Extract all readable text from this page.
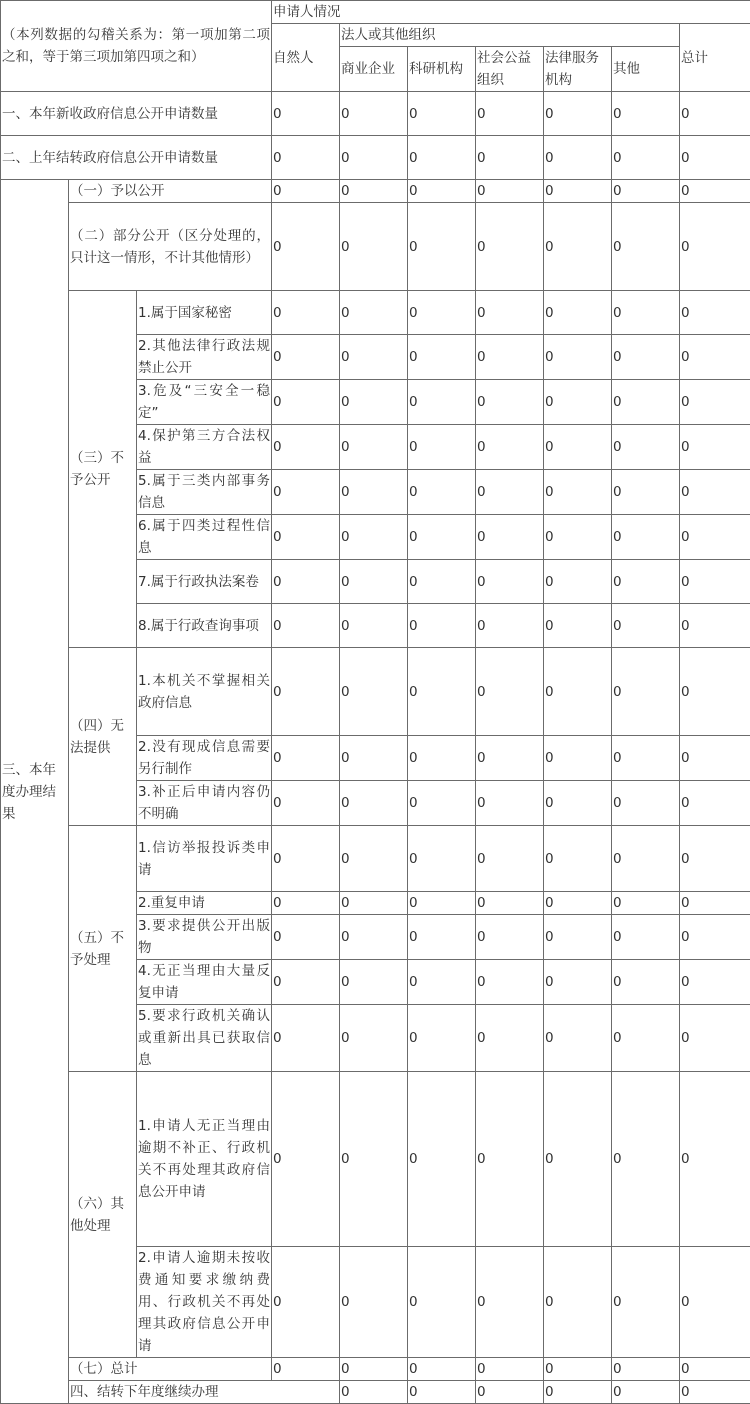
（本列数据的勾稽关系为：第一项加第二项之和，等于第三项加第四项之和）			申请人情况							
			自然人	法人或其他组织					总计	
				商业企业	科研机构	社会公益组织	法律服务机构	其他		
一、本年新收政府信息公开申请数量			0	0	0	0	0	0	0	
二、上年结转政府信息公开申请数量			0	0	0	0	0	0	0	
三、本年度办理结果	（一）予以公开		0	0	0	0	0	0	0	
	（二）部分公开（区分处理的，只计这一情形，不计其他情形）		0	0	0	0	0	0	0	
	（三）不予公开	1.属于国家秘密	0	0	0	0	0	0	0	
		2.其他法律行政法规禁止公开	0	0	0	0	0	0	0	
		3.危及“三安全一稳定”	0	0	0	0	0	0	0	
		4.保护第三方合法权益	0	0	0	0	0	0	0	
		5.属于三类内部事务信息	0	0	0	0	0	0	0	
		6.属于四类过程性信息	0	0	0	0	0	0	0	
		7.属于行政执法案卷	0	0	0	0	0	0	0	
		8.属于行政查询事项	0	0	0	0	0	0	0	
	（四）无法提供	1.本机关不掌握相关政府信息	0	0	0	0	0	0	0	
		2.没有现成信息需要另行制作	0	0	0	0	0	0	0	
		3.补正后申请内容仍不明确	0	0	0	0	0	0	0	
	（五）不予处理	1.信访举报投诉类申请	0	0	0	0	0	0	0	
		2.重复申请	0	0	0	0	0	0	0	
		3.要求提供公开出版物	0	0	0	0	0	0	0	
		4.无正当理由大量反复申请	0	0	0	0	0	0	0	
		5.要求行政机关确认或重新出具已获取信息	0	0	0	0	0	0	0	
	（六）其他处理	1.申请人无正当理由逾期不补正、行政机关不再处理其政府信息公开申请	0	0	0	0	0	0	0	
		2.申请人逾期未按收费通知要求缴纳费用、行政机关不再处理其政府信息公开申请	0	0	0	0	0	0	0	
	（七）总计		0	0	0	0	0	0	0	
	四、结转下年度继续办理			0	0	0	0	0	0	
